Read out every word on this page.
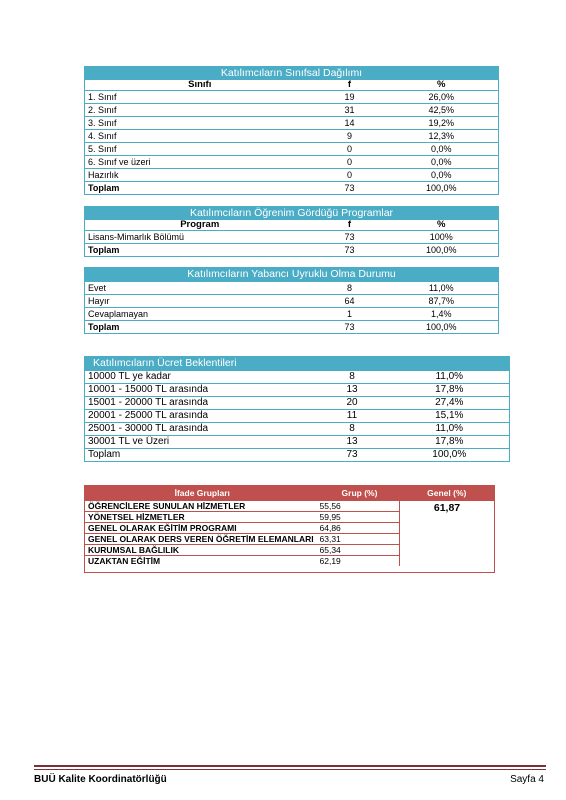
Katılımcıların Sınıfsal Dağılımı		
Sınıfı	f	%
1. Sınıf	19	26,0%
2. Sınıf	31	42,5%
3. Sınıf	14	19,2%
4. Sınıf	9	12,3%
5. Sınıf	0	0,0%
6. Sınıf ve üzeri	0	0,0%
Hazırlık	0	0,0%
Toplam	73	100,0%
Katılımcıların Öğrenim Gördüğü Programlar		
Program	f	%
Lisans-Mimarlık Bölümü	73	100%
Toplam	73	100,0%
Katılımcıların Yabancı Uyruklu Olma Durumu		
Evet	8	11,0%
Hayır	64	87,7%
Cevaplamayan	1	1,4%
Toplam	73	100,0%
Katılımcıların Ücret Beklentileri		
10000 TL ye kadar	8	11,0%
10001 - 15000 TL arasında	13	17,8%
15001 - 20000 TL arasında	20	27,4%
20001 - 25000 TL arasında	11	15,1%
25001 - 30000 TL arasında	8	11,0%
30001 TL ve Üzeri	13	17,8%
Toplam	73	100,0%
İfade Grupları	Grup (%)	Genel (%)
ÖĞRENCİLERE SUNULAN HİZMETLER	55,56	61,87
YÖNETSEL HİZMETLER	59,95	
GENEL OLARAK EĞİTİM PROGRAMI	64,86	
GENEL OLARAK DERS VEREN ÖĞRETİM ELEMANLARI	63,31	
KURUMSAL BAĞLILIK	65,34	
UZAKTAN EĞİTİM	62,19	

BUÜ Kalite Koordinatörlüğü	Sayfa 4
